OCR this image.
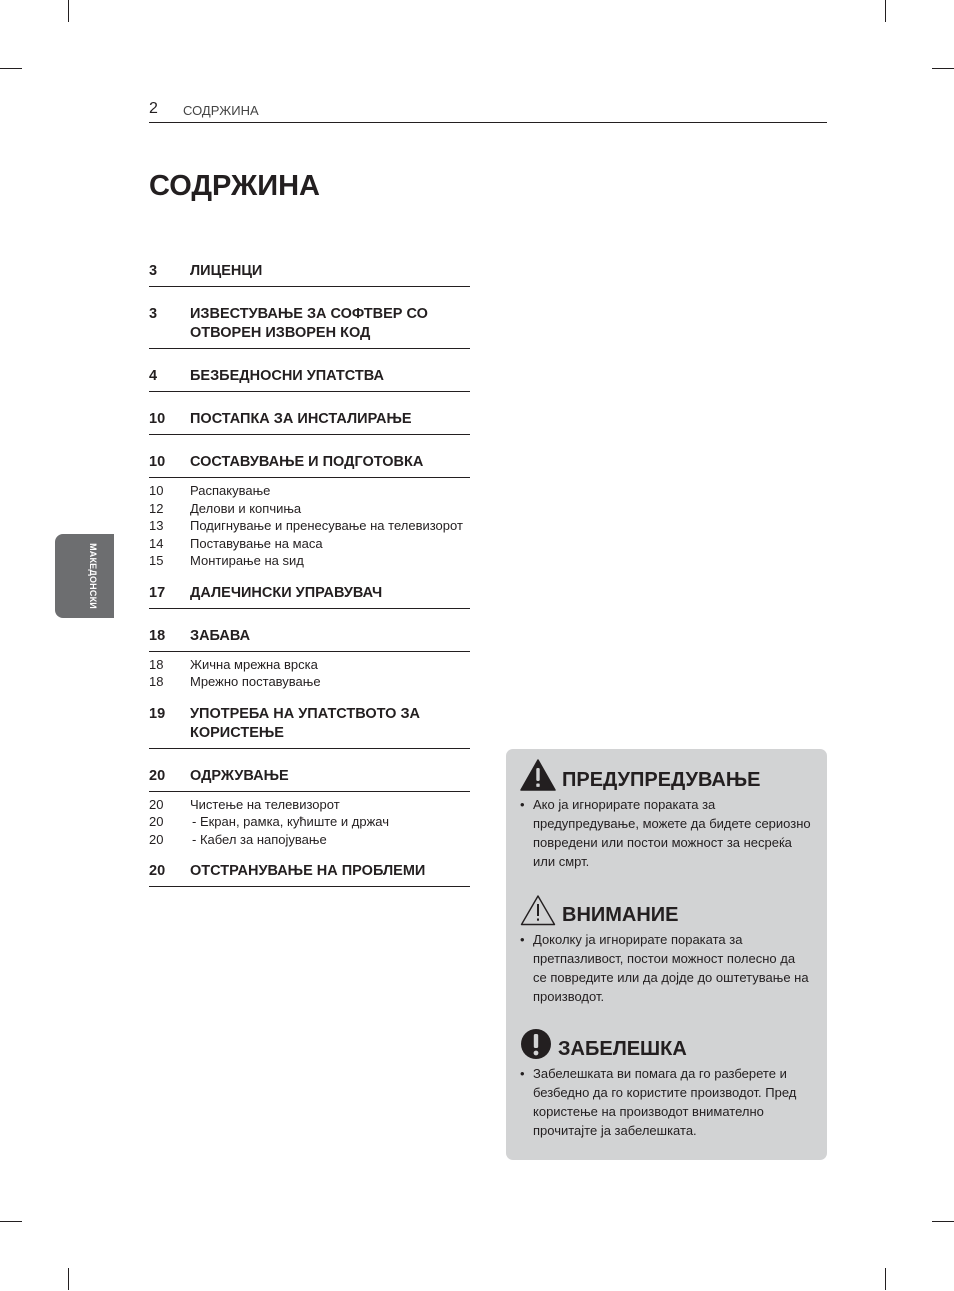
2 СОДРЖИНА
СОДРЖИНА
МАКЕДОНСКИ
3	ЛИЦЕНЦИ
3	ИЗВЕСТУВАЊЕ ЗА СОФТВЕР СО ОТВОРЕН ИЗВОРЕН КОД
4	БЕЗБЕДНОСНИ УПАТСТВА
10	ПОСТАПКА ЗА ИНСТАЛИРАЊЕ
10	СОСТАВУВАЊЕ И ПОДГОТОВКА
10	Распакување
12	Делови и копчиња
13	Подигнување и пренесување на телевизорот
14	Поставување на маса
15	Монтирање на ѕид
17	ДАЛЕЧИНСКИ УПРАВУВАЧ
18	ЗАБАВА
18	Жична мрежна врска
18	Мрежно поставување
19	УПОТРЕБА НА УПАТСТВОТО ЗА КОРИСТЕЊЕ
20	ОДРЖУВАЊЕ
20	Чистење на телевизорот
20	- Екран, рамка, кућиште и држач
20	- Кабел за напојување
20	ОТСТРАНУВАЊЕ НА ПРОБЛЕМИ
ПРЕДУПРЕДУВАЊЕ
• Ако ја игнорирате пораката за предупредување, можете да бидете сериозно повредени или постои можност за несреќа или смрт.
ВНИМАНИЕ
• Доколку ја игнорирате пораката за претпазливост, постои можност полесно да се повредите или да дојде до оштетување на производот.
ЗАБЕЛЕШКА
• Забелешката ви помага да го разберете и безбедно да го користите производот. Пред користење на производот внимателно прочитајте ја забелешката.
